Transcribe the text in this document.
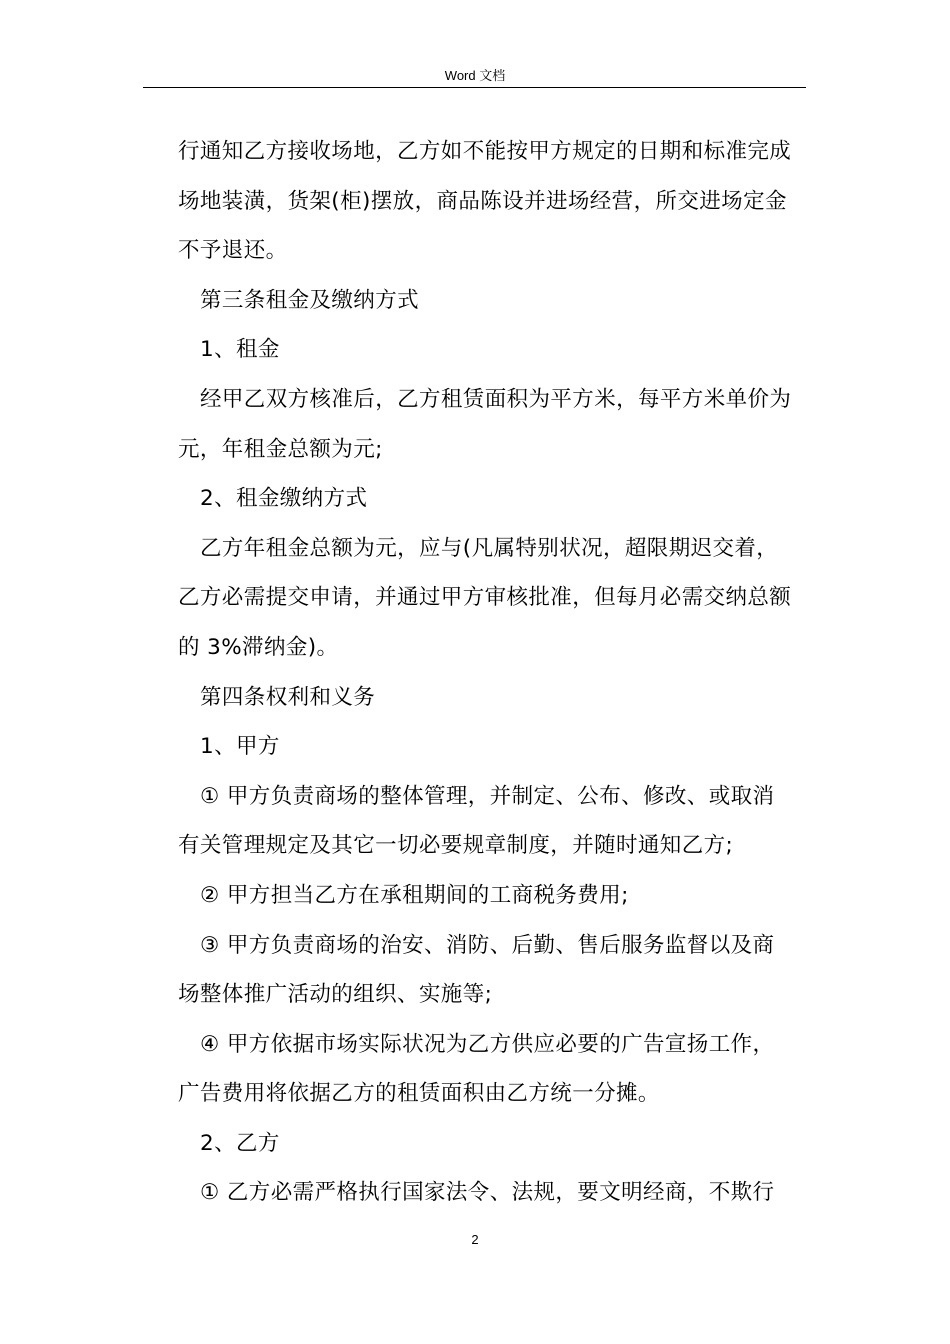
Word 文档
行通知乙方接收场地，乙方如不能按甲方规定的日期和标准完成
场地装潢，货架(柜)摆放，商品陈设并进场经营，所交进场定金
不予退还。
第三条租金及缴纳方式
1、租金
经甲乙双方核准后，乙方租赁面积为平方米，每平方米单价为
元，年租金总额为元;
2、租金缴纳方式
乙方年租金总额为元，应与(凡属特别状况，超限期迟交着，
乙方必需提交申请，并通过甲方审核批准，但每月必需交纳总额
的 3%滞纳金)。
第四条权利和义务
1、甲方
① 甲方负责商场的整体管理，并制定、公布、修改、或取消
有关管理规定及其它一切必要规章制度，并随时通知乙方;
② 甲方担当乙方在承租期间的工商税务费用;
③ 甲方负责商场的治安、消防、后勤、售后服务监督以及商
场整体推广活动的组织、实施等;
④ 甲方依据市场实际状况为乙方供应必要的广告宣扬工作，
广告费用将依据乙方的租赁面积由乙方统一分摊。
2、乙方
① 乙方必需严格执行国家法令、法规，要文明经商，不欺行
2
